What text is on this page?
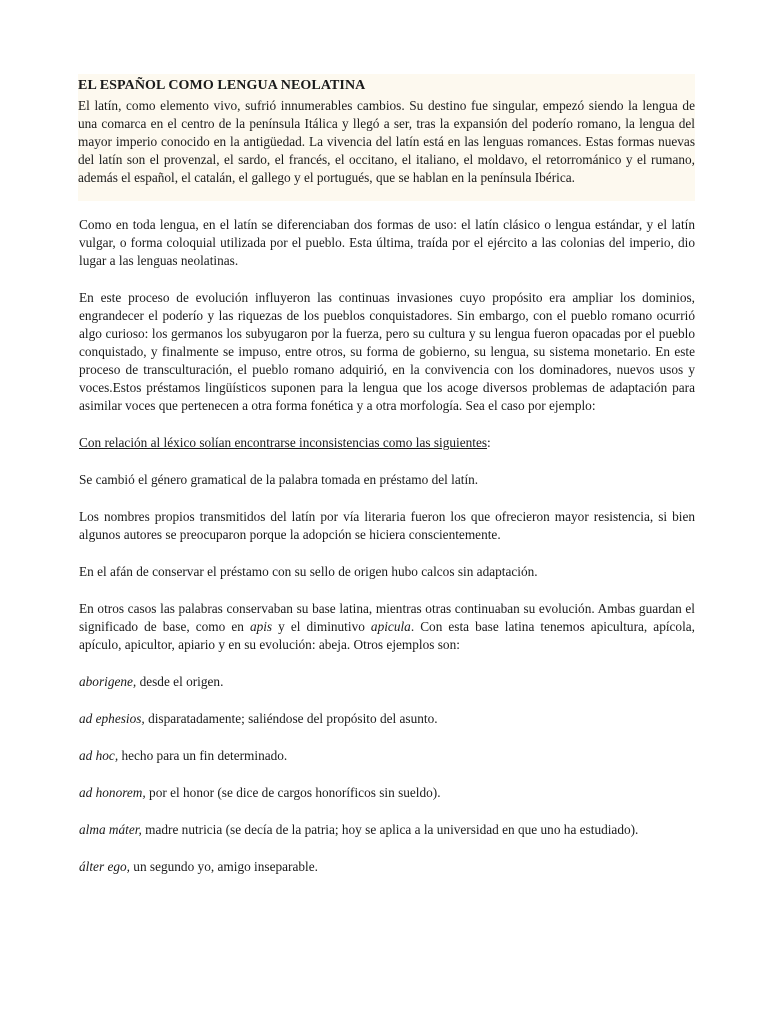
EL ESPAÑOL COMO LENGUA NEOLATINA

El latín, como elemento vivo, sufrió innumerables cambios. Su destino fue singular, empezó siendo la lengua de una comarca en el centro de la península Itálica y llegó a ser, tras la expansión del poderío romano, la lengua del mayor imperio conocido en la antigüedad. La vivencia del latín está en las lenguas romances. Estas formas nuevas del latín son el provenzal, el sardo, el francés, el occitano, el italiano, el moldavo, el retorrománico y el rumano, además el español, el catalán, el gallego y el portugués, que se hablan en la península Ibérica.

Como en toda lengua, en el latín se diferenciaban dos formas de uso: el latín clásico o lengua estándar, y el latín vulgar, o forma coloquial utilizada por el pueblo. Esta última, traída por el ejército a las colonias del imperio, dio lugar a las lenguas neolatinas.

En este proceso de evolución influyeron las continuas invasiones cuyo propósito era ampliar los dominios, engrandecer el poderío y las riquezas de los pueblos conquistadores. Sin embargo, con el pueblo romano ocurrió algo curioso: los germanos los subyugaron por la fuerza, pero su cultura y su lengua fueron opacadas por el pueblo conquistado, y finalmente se impuso, entre otros, su forma de gobierno, su lengua, su sistema monetario. En este proceso de transculturación, el pueblo romano adquirió, en la convivencia con los dominadores, nuevos usos y voces.Estos préstamos lingüísticos suponen para la lengua que los acoge diversos problemas de adaptación para asimilar voces que pertenecen a otra forma fonética y a otra morfología. Sea el caso por ejemplo:

Con relación al léxico solían encontrarse inconsistencias como las siguientes:

Se cambió el género gramatical de la palabra tomada en préstamo del latín.

Los nombres propios transmitidos del latín por vía literaria fueron los que ofrecieron mayor resistencia, si bien algunos autores se preocuparon porque la adopción se hiciera conscientemente.

En el afán de conservar el préstamo con su sello de origen hubo calcos sin adaptación.

En otros casos las palabras conservaban su base latina, mientras otras continuaban su evolución. Ambas guardan el significado de base, como en apis y el diminutivo apicula. Con esta base latina tenemos apicultura, apícola, apículo, apicultor, apiario y en su evolución: abeja. Otros ejemplos son:

aborigene, desde el origen.

ad ephesios, disparatadamente; saliéndose del propósito del asunto.

ad hoc, hecho para un fin determinado.

ad honorem, por el honor (se dice de cargos honoríficos sin sueldo).

alma máter, madre nutricia (se decía de la patria; hoy se aplica a la universidad en que uno ha estudiado).

álter ego, un segundo yo, amigo inseparable.
